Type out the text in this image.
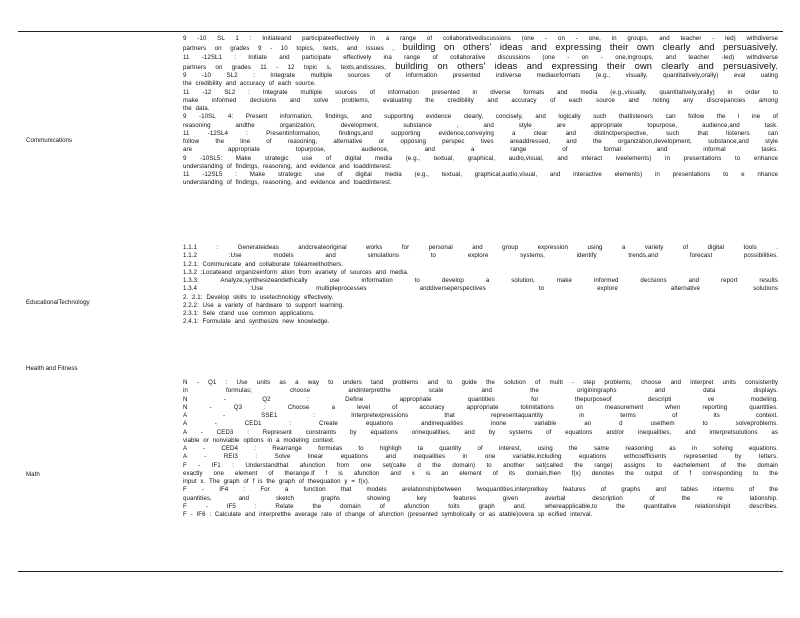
Communications
9 -10 SL 1 : Initiateand participateeffectively in a range of collaborativediscussions (one - on - one, in groups, and teacher - led) withdiverse
partners on grades 9 - 10 topics, texts, and issues , building on others' ideas and expressing their own clearly and persuasively.
11 -12SL1 : Initiate and participate effectively ina range of collaborative discussions (one - on - one,ingroups, and teacher -led) withdiverse
partners on grades 11 - 12 topic s, texts,andissues, building on others' ideas and expressing their own clearly and persuasively.
9 -10 SL2 : Integrate multiple sources of information presented indiverse mediaorformats (e.g., visually, quantitatively,orally) eval uating
the credibility and accuracy of each source.
11 -12 SL2 : Integrate multiple sources of information presented in diverse formats and media (e.g.,visually, quantitatively,orally) in order to
make informed decisions and solve problems, evaluating the credibility and accuracy of each source and noting any discrepancies among
the data.
9 -10SL 4: Present information, findings, and supporting evidence clearly, concisely, and logically such thatlisteners can follow the l ine of
reasoning andthe organization, development, substance , and style are appropriate topurpose, audience,and task.
11 -12SL4 : Presentinformation, findings,and supporting evidence,conveying a clear and distinctperspective, such that listeners can
follow the line of reasoning, alternative or opposing perspec tives areaddressed, and the organization,development, substance,and style
are appropriate topurpose, audience, and a range of formal and informal tasks.
9 -10SL5: Make strategic use of digital media (e.g., textual, graphical, audio,visual, and interact iveelements) in presentations to enhance
understanding of findings, reasoning, and evidence and toaddinterest.
11 -12SL5 : Make strategic use of digital media (e.g., textual, graphical,audio,visual, and interactive elements) in presentations to e nhance
understanding of findings, reasoning, and evidence and toaddinterest.
EducationalTechnology
1.1.1 : Generateideas andcreateoriginal works for personal and group expression using a variety of digital tools .
1.1.2 :Use models and simulations to explore systems, identify trends,and forecast possibilities.
1.2.1: Communicate and collaborate toleamwithothers.
1.3.2 :Locateand organizeinform ation from avariety of sources and media.
1.3.3: Analyze,synthesizeandethically use information to develop a solution, make informed decisions and report results
1.3.4 :Use multipleprocesses anddiverseperspectives to explore alternative solutions
2. 2.1: Develop skills to usetechnology effectively.
2.2.2: Use a variety of hardware to support learning.
2.3.1: Sele ctand use common applications.
2.4.1: Formulate and synthesize new knowledge.
Health and Fitness
Math
N - Q1 : Use units as a way to unders tand problems and to guide the solution of multi - step problems; choose and interpret units consistently
in formulas; choose andinterpretthe scale and the originingraphs and data displays.
N - Q2 : Define appropriate quantities for thepurposeof descripti ve modeling.
N - Q3 : Choose a level of accuracy appropriate tolimitations on measurement when reporting quantities.
A - SSE1 : Interpretexpressions that representaquantity in terms of its context.
A - CED1 : Create equations andinequalities inone variable an d usethem to solveproblems.
A - CED3 : Represent constraints by equations orinequalities, and by systems of equations and/or inequalities, and interpretsolutions as
viable or nonviable options in a modeling context.
A - CED4 : Rearrange formulas to highligh ta quantity of interest, using the same reasoning as in solving equations.
A - REI3 : Solve linear equations and inequalities in one variable,including equations withcoefficients represented by letters.
F - IF1 : Understandthat afunction from one set(calle d the domain) to another set(called the range) assigns to eachelement of the domain
exactly one element of therange.If f is afunction and x is an element of its domain,then f(x) denotes the output of f corresponding to the
input x. The graph of f is the graph of theequation y = f(x).
F - IF4 : For a function that models arelationshipbetween twoquantities,interpretkey features of graphs and tables interms of the
quantities, and sketch graphs showing key features given averbal description of the re lationship.
F - IF5 : Relate the domain of afunction toits graph and, whereapplicable,to the quantitative relationshipit describes.
F - IF6 : Calculate and interpretthe average rate of change of afunction (presented symbolically or as atable)overa sp ecified interval.
